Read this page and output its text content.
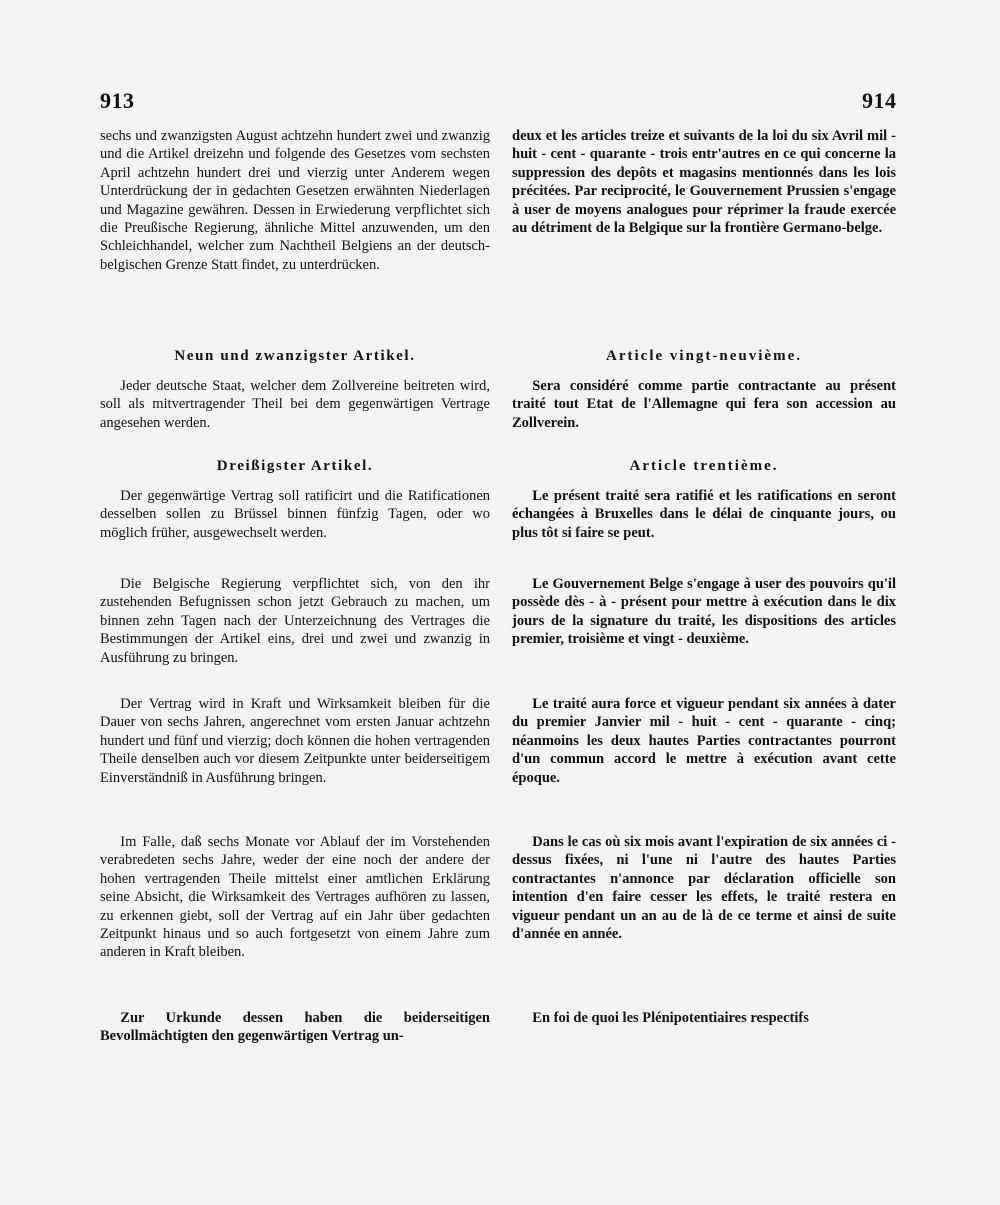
913	914

sechs und zwanzigsten August achtzehn hundert zwei und zwanzig und die Artikel dreizehn und folgende des Gesetzes vom sechsten April achtzehn hundert drei und vierzig unter Anderem wegen Unterdrückung der in gedachten Gesetzen erwähnten Niederlagen und Magazine gewähren. Dessen in Erwiederung verpflichtet sich die Preußische Regierung, ähnliche Mittel anzuwenden, um den Schleichhandel, welcher zum Nachtheil Belgiens an der deutsch-belgischen Grenze Statt findet, zu unterdrücken.

Neun und zwanzigster Artikel.

Jeder deutsche Staat, welcher dem Zollvereine beitreten wird, soll als mitvertragender Theil bei dem gegenwärtigen Vertrage angesehen werden.

Dreißigster Artikel.

Der gegenwärtige Vertrag soll ratificirt und die Ratificationen desselben sollen zu Brüssel binnen fünfzig Tagen, oder wo möglich früher, ausgewechselt werden.

Die Belgische Regierung verpflichtet sich, von den ihr zustehenden Befugnissen schon jetzt Gebrauch zu machen, um binnen zehn Tagen nach der Unterzeichnung des Vertrages die Bestimmungen der Artikel eins, drei und zwei und zwanzig in Ausführung zu bringen.

Der Vertrag wird in Kraft und Wirksamkeit bleiben für die Dauer von sechs Jahren, angerechnet vom ersten Januar achtzehn hundert und fünf und vierzig; doch können die hohen vertragenden Theile denselben auch vor diesem Zeitpunkte unter beiderseitigem Einverständniß in Ausführung bringen.

Im Falle, daß sechs Monate vor Ablauf der im Vorstehenden verabredeten sechs Jahre, weder der eine noch der andere der hohen vertragenden Theile mittelst einer amtlichen Erklärung seine Absicht, die Wirksamkeit des Vertrages aufhören zu lassen, zu erkennen giebt, soll der Vertrag auf ein Jahr über gedachten Zeitpunkt hinaus und so auch fortgesetzt von einem Jahre zum anderen in Kraft bleiben.

Zur Urkunde dessen haben die beiderseitigen Bevollmächtigten den gegenwärtigen Vertrag un-

deux et les articles treize et suivants de la loi du six Avril mil - huit - cent - quarante - trois entr'autres en ce qui concerne la suppression des depôts et magasins mentionnés dans les lois précitées. Par reciprocité, le Gouvernement Prussien s'engage à user de moyens analogues pour réprimer la fraude exercée au détriment de la Belgique sur la frontière Germano-belge.

Article vingt-neuvième.

Sera considéré comme partie contractante au présent traité tout Etat de l'Allemagne qui fera son accession au Zollverein.

Article trentième.

Le présent traité sera ratifié et les ratifications en seront échangées à Bruxelles dans le délai de cinquante jours, ou plus tôt si faire se peut.

Le Gouvernement Belge s'engage à user des pouvoirs qu'il possède dès - à - présent pour mettre à exécution dans le dix jours de la signature du traité, les dispositions des articles premier, troisième et vingt - deuxième.

Le traité aura force et vigueur pendant six années à dater du premier Janvier mil - huit - cent - quarante - cinq; néanmoins les deux hautes Parties contractantes pourront d'un commun accord le mettre à exécution avant cette époque.

Dans le cas où six mois avant l'expiration de six années ci - dessus fixées, ni l'une ni l'autre des hautes Parties contractantes n'annonce par déclaration officielle son intention d'en faire cesser les effets, le traité restera en vigueur pendant un an au de là de ce terme et ainsi de suite d'année en année.

En foi de quoi les Plénipotentiaires respectifs
